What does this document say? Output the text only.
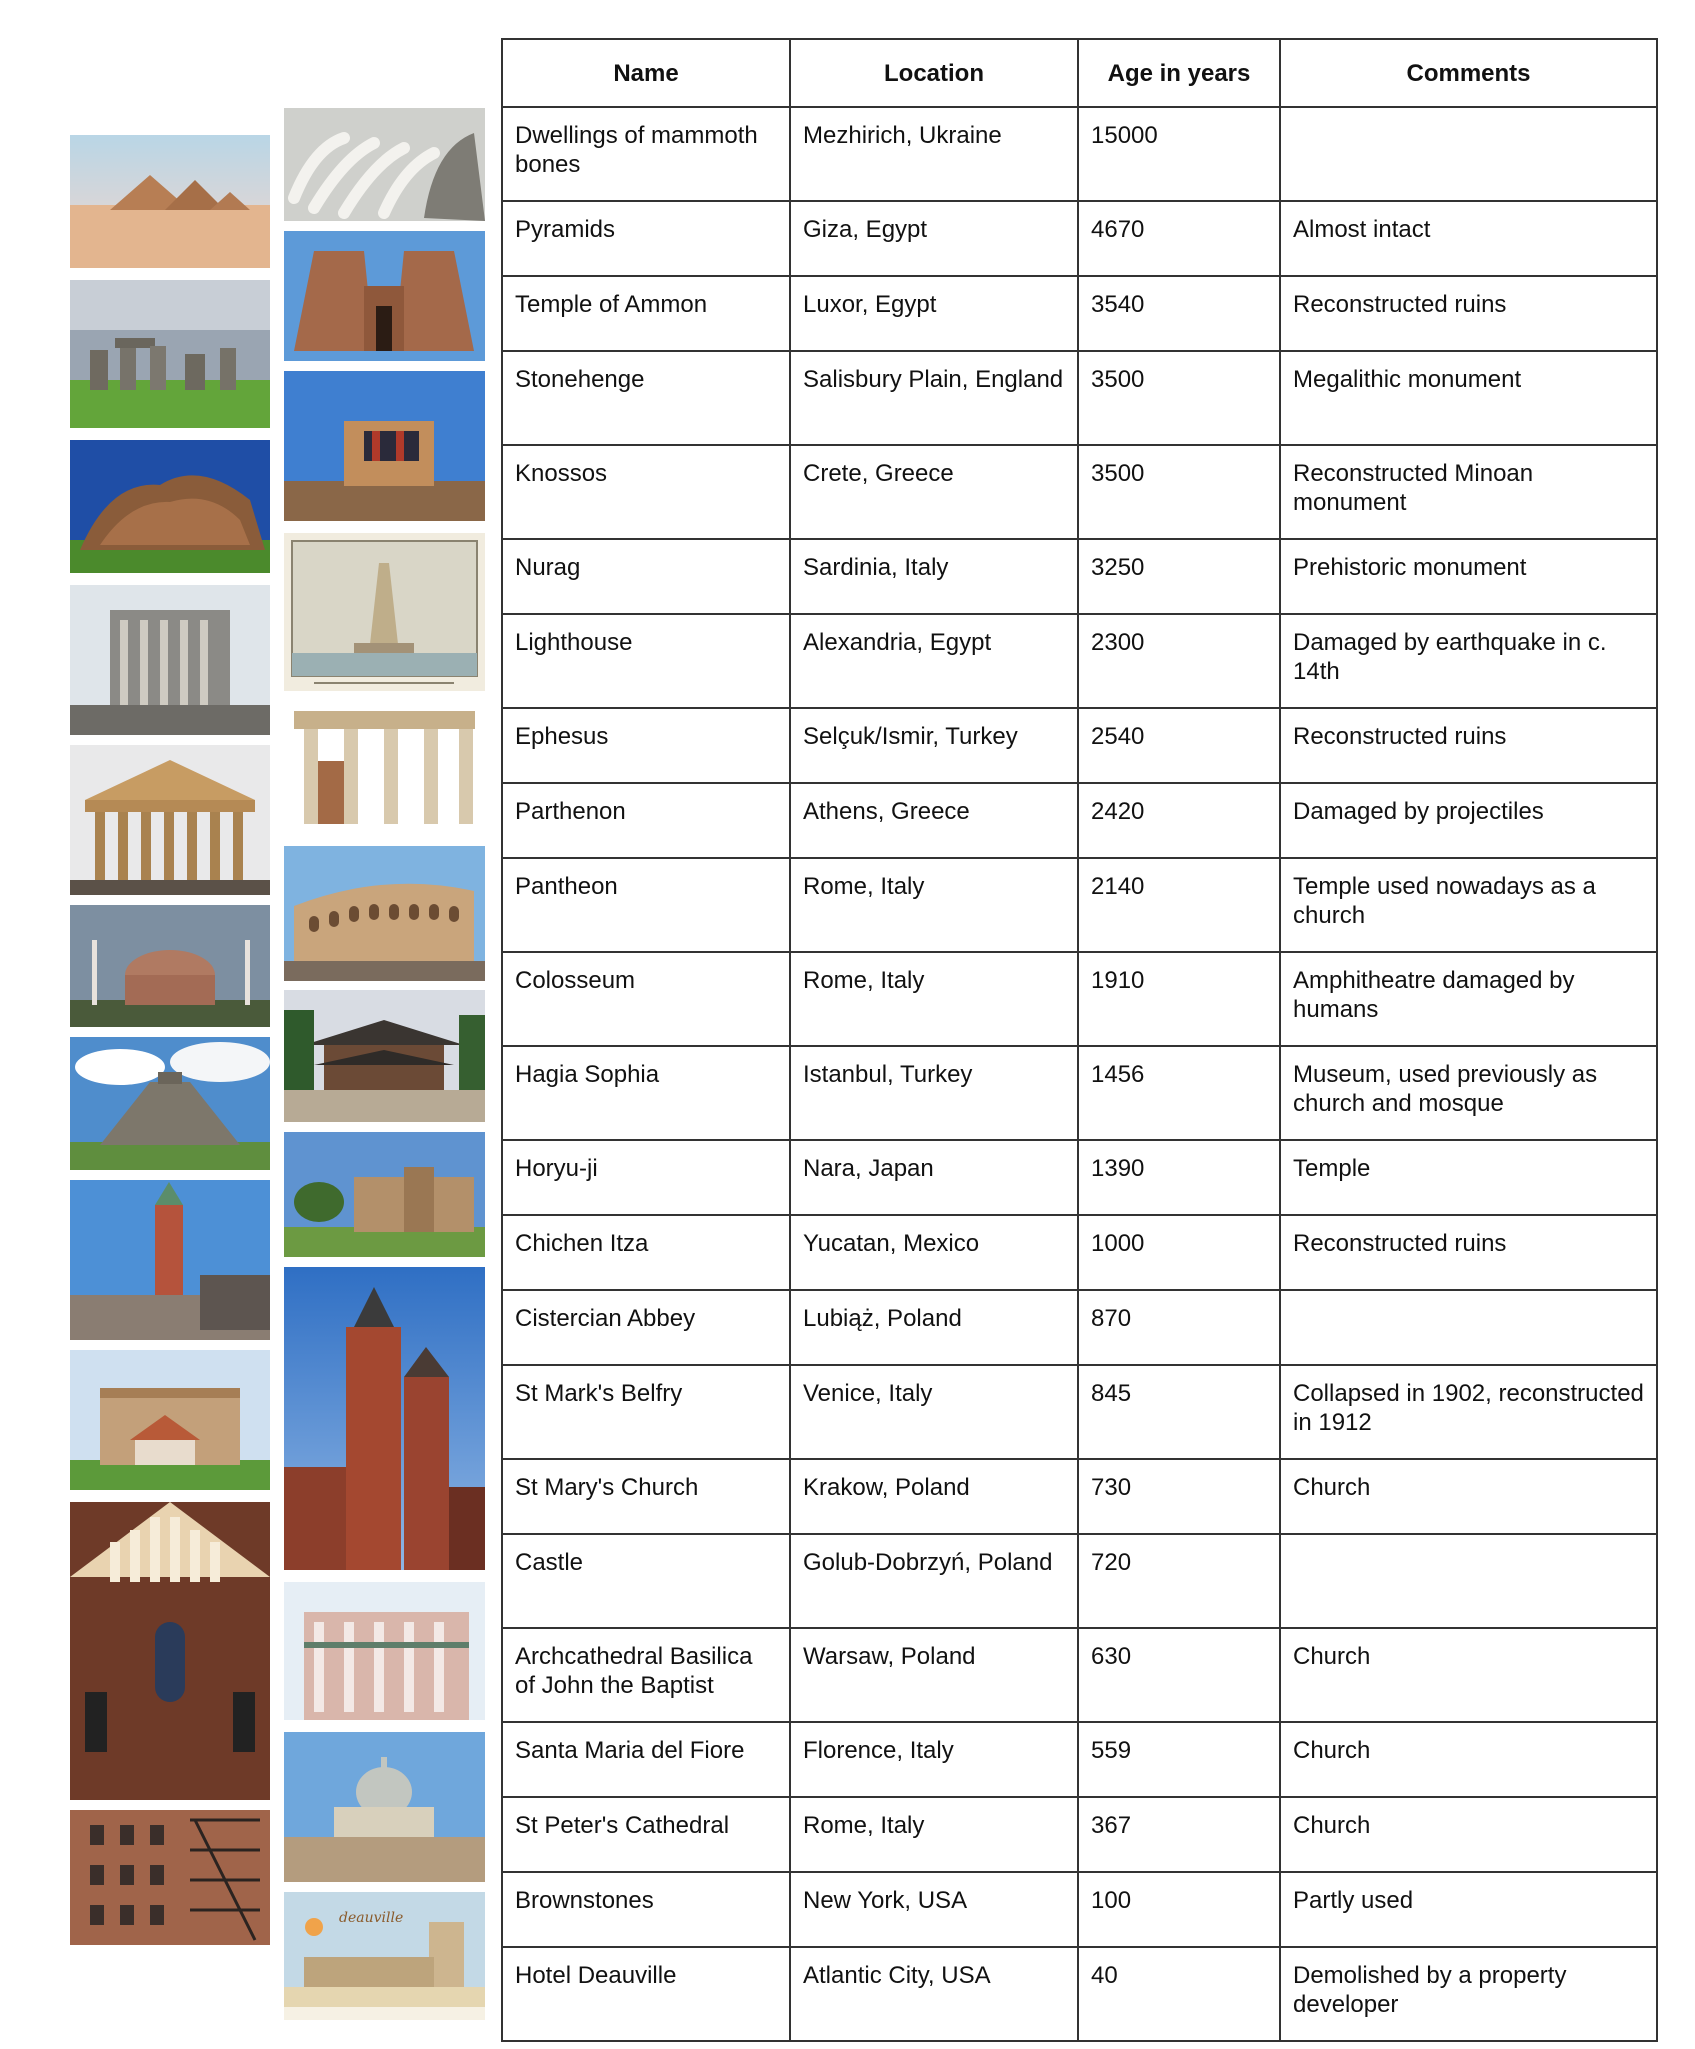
deauville
Name	Location	Age in years	Comments
Dwellings of mammoth bones	Mezhirich, Ukraine	15000	
Pyramids	Giza, Egypt	4670	Almost intact
Temple of Ammon	Luxor, Egypt	3540	Reconstructed ruins
Stonehenge	Salisbury Plain, England	3500	Megalithic monument
Knossos	Crete, Greece	3500	Reconstructed Minoan monument
Nurag	Sardinia, Italy	3250	Prehistoric monument
Lighthouse	Alexandria, Egypt	2300	Damaged by earthquake in c. 14th
Ephesus	Selçuk/Ismir, Turkey	2540	Reconstructed ruins
Parthenon	Athens, Greece	2420	Damaged by projectiles
Pantheon	Rome, Italy	2140	Temple used nowadays as a church
Colosseum	Rome, Italy	1910	Amphitheatre damaged by humans
Hagia Sophia	Istanbul, Turkey	1456	Museum, used previously as church and mosque
Horyu-ji	Nara, Japan	1390	Temple
Chichen Itza	Yucatan, Mexico	1000	Reconstructed ruins
Cistercian Abbey	Lubiąż, Poland	870	
St Mark's Belfry	Venice, Italy	845	Collapsed in 1902, reconstructed in 1912
St Mary's Church	Krakow, Poland	730	Church
Castle	Golub-Dobrzyń, Poland	720	
Archcathedral Basilica of John the Baptist	Warsaw, Poland	630	Church
Santa Maria del Fiore	Florence, Italy	559	Church
St Peter's Cathedral	Rome, Italy	367	Church
Brownstones	New York, USA	100	Partly used
Hotel Deauville	Atlantic City, USA	40	Demolished by a property developer
